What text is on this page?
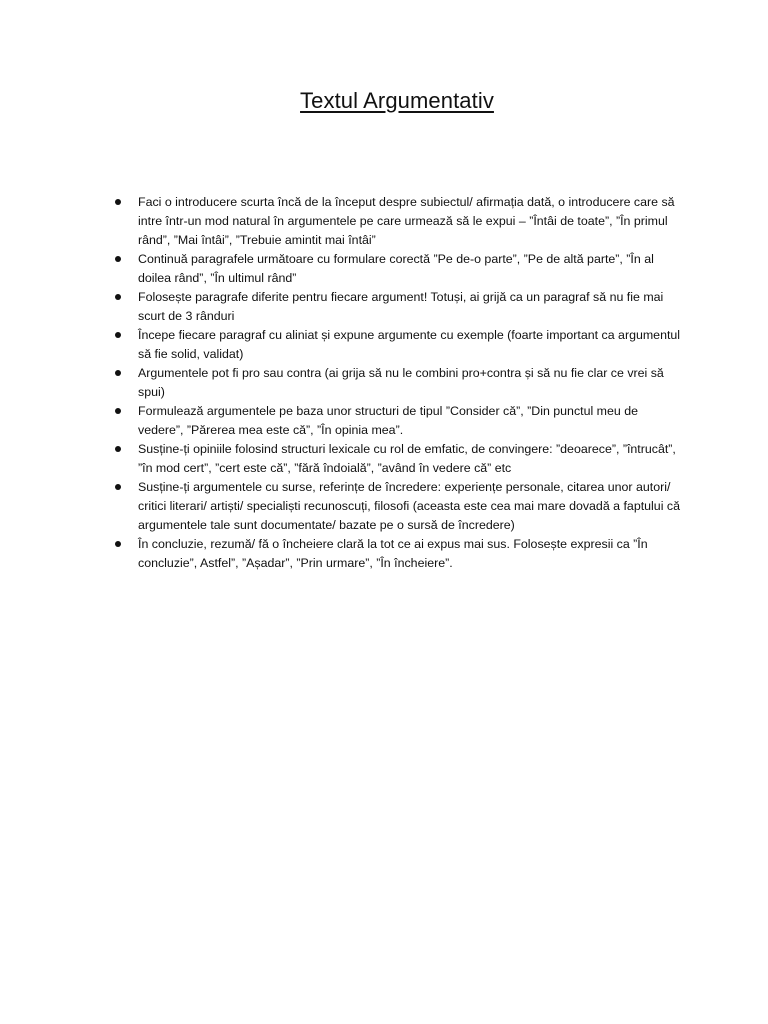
Textul Argumentativ
Faci o introducere scurta încă de la început despre subiectul/ afirmația dată, o introducere care să intre într-un mod natural în argumentele pe care urmează să le expui – ”Întâi de toate”, ”În primul rând”, ”Mai întâi”, ”Trebuie amintit mai întâi”
Continuă paragrafele următoare cu formulare corectă ”Pe de-o parte”, ”Pe de altă parte”, ”În al doilea rând”, ”În ultimul rând”
Folosește paragrafe diferite pentru fiecare argument! Totuși, ai grijă ca un paragraf să nu fie mai scurt de 3 rânduri
Începe fiecare paragraf cu aliniat și expune argumente cu exemple (foarte important ca argumentul să fie solid, validat)
Argumentele pot fi pro sau contra (ai grija să nu le combini pro+contra și să nu fie clar ce vrei să spui)
Formulează argumentele pe baza unor structuri de tipul ”Consider că”, ”Din punctul meu de vedere”, ”Părerea mea este că”, ”În opinia mea”.
Susține-ți opiniile folosind structuri lexicale cu rol de emfatic, de convingere: ”deoarece”, ”întrucât”, ”în mod cert”, ”cert este că”, ”fără îndoială”, ”având în vedere că” etc
Susține-ți argumentele cu surse, referințe de încredere: experiențe personale, citarea unor autori/ critici literari/ artiști/ specialiști recunoscuți, filosofi (aceasta este cea mai mare dovadă a faptului că argumentele tale sunt documentate/ bazate pe o sursă de încredere)
În concluzie, rezumă/ fă o încheiere clară la tot ce ai expus mai sus. Folosește expresii ca ”În concluzie”, Astfel”, ”Așadar”, ”Prin urmare”, ”În încheiere”.
